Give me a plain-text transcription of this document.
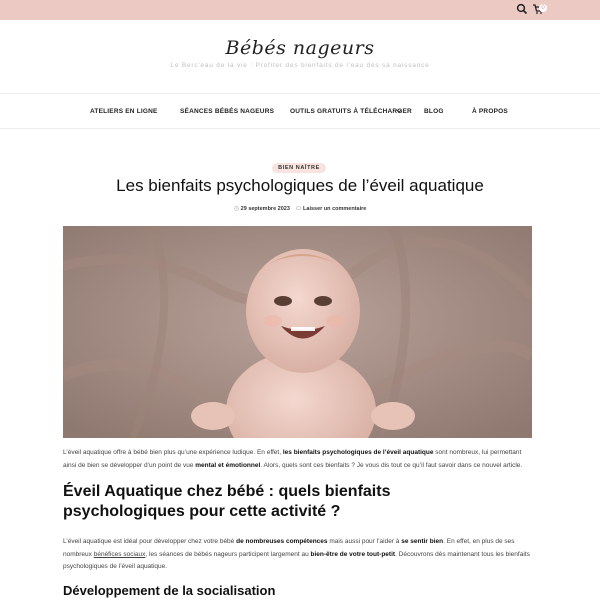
0
Bébés nageurs
Le Berc'eau de la vie : Profiter des bienfaits de l'eau dès sa naissance
ATELIERS EN LIGNE	SÉANCES BÉBÉS NAGEURS OUTILS GRATUITS À TÉLÉCHARGER BLOG	À PROPOS
BIEN NAÎTRE
Les bienfaits psychologiques de l’éveil aquatique
29 septembre 2023 Laisser un commentaire

L’éveil aquatique offre à bébé bien plus qu’une expérience ludique. En effet, les bienfaits psychologiques de l’éveil aquatique sont nombreux, lui permettant ainsi de bien se développer d’un point de vue mental et émotionnel. Alors, quels sont ces bienfaits ? Je vous dis tout ce qu’il faut savoir dans ce nouvel article.

Éveil Aquatique chez bébé : quels bienfaits psychologiques pour cette activité ?

L’éveil aquatique est idéal pour développer chez votre bébé de nombreuses compétences mais aussi pour l’aider à se sentir bien. En effet, en plus de ses nombreux bénéfices sociaux, les séances de bébés nageurs participent largement au bien-être de votre tout-petit. Découvrons dès maintenant tous les bienfaits psychologiques de l’éveil aquatique.

Développement de la socialisation
